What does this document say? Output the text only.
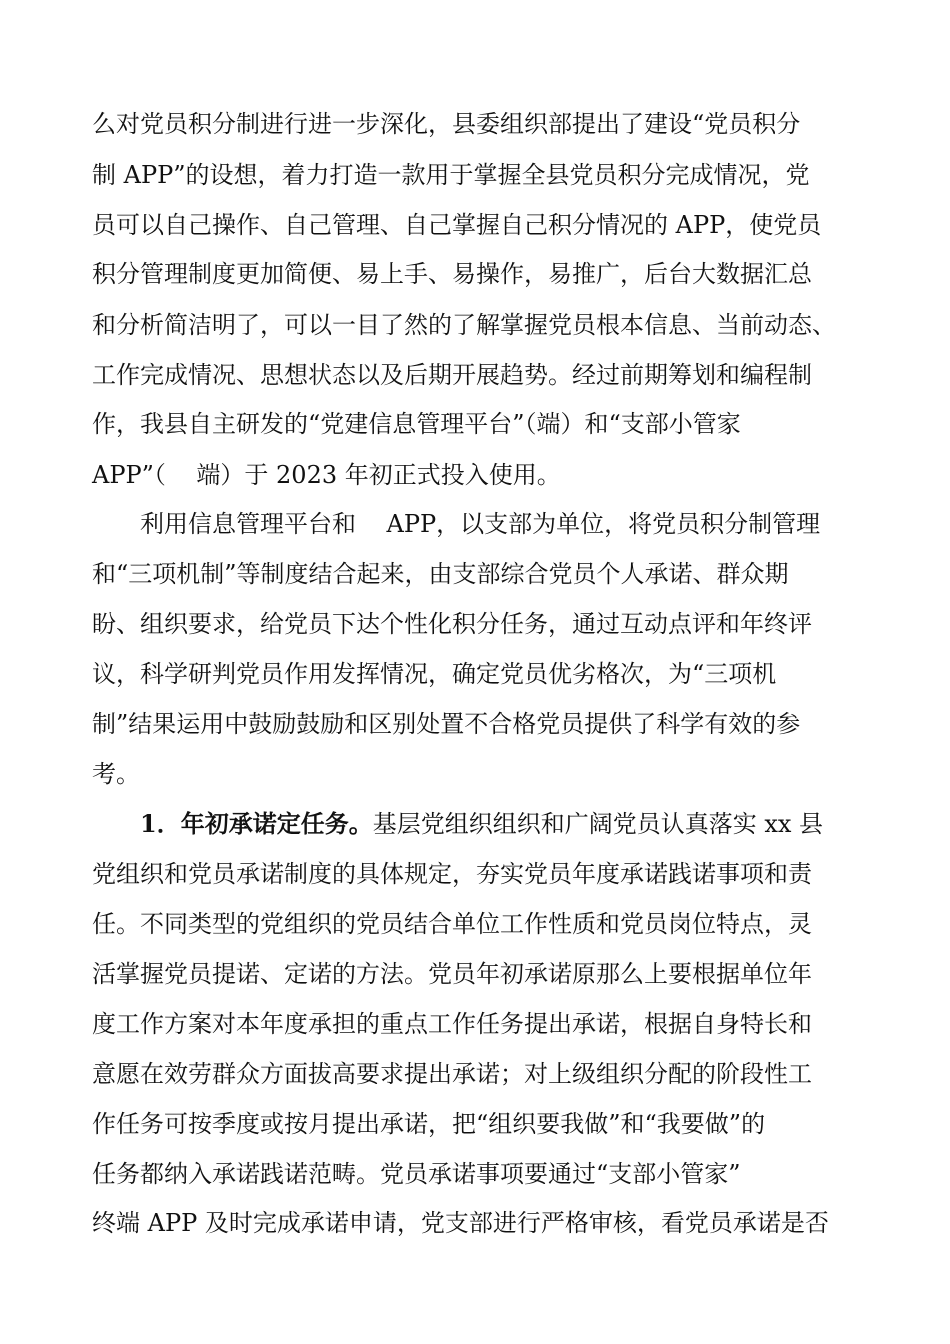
么对党员积分制进行进一步深化，县委组织部提出了建设“党员积分
制 APP”的设想，着力打造一款用于掌握全县党员积分完成情况，党
员可以自己操作、自己管理、自己掌握自己积分情况的 APP，使党员
积分管理制度更加简便、易上手、易操作，易推广，后台大数据汇总
和分析简洁明了，可以一目了然的了解掌握党员根本信息、当前动态、
工作完成情况、思想状态以及后期开展趋势。经过前期筹划和编程制
作，我县自主研发的“党建信息管理平台”（端）和“支部小管家
APP”（    端）于 2023 年初正式投入使用。
利用信息管理平台和    APP，以支部为单位，将党员积分制管理
和“三项机制”等制度结合起来，由支部综合党员个人承诺、群众期
盼、组织要求，给党员下达个性化积分任务，通过互动点评和年终评
议，科学研判党员作用发挥情况，确定党员优劣格次，为“三项机
制”结果运用中鼓励鼓励和区别处置不合格党员提供了科学有效的参
考。
1．年初承诺定任务。基层党组织组织和广阔党员认真落实 xx 县
党组织和党员承诺制度的具体规定，夯实党员年度承诺践诺事项和责
任。不同类型的党组织的党员结合单位工作性质和党员岗位特点，灵
活掌握党员提诺、定诺的方法。党员年初承诺原那么上要根据单位年
度工作方案对本年度承担的重点工作任务提出承诺，根据自身特长和
意愿在效劳群众方面拔高要求提出承诺；对上级组织分配的阶段性工
作任务可按季度或按月提出承诺，把“组织要我做”和“我要做”的
任务都纳入承诺践诺范畴。党员承诺事项要通过“支部小管家”
终端 APP 及时完成承诺申请，党支部进行严格审核，看党员承诺是否
